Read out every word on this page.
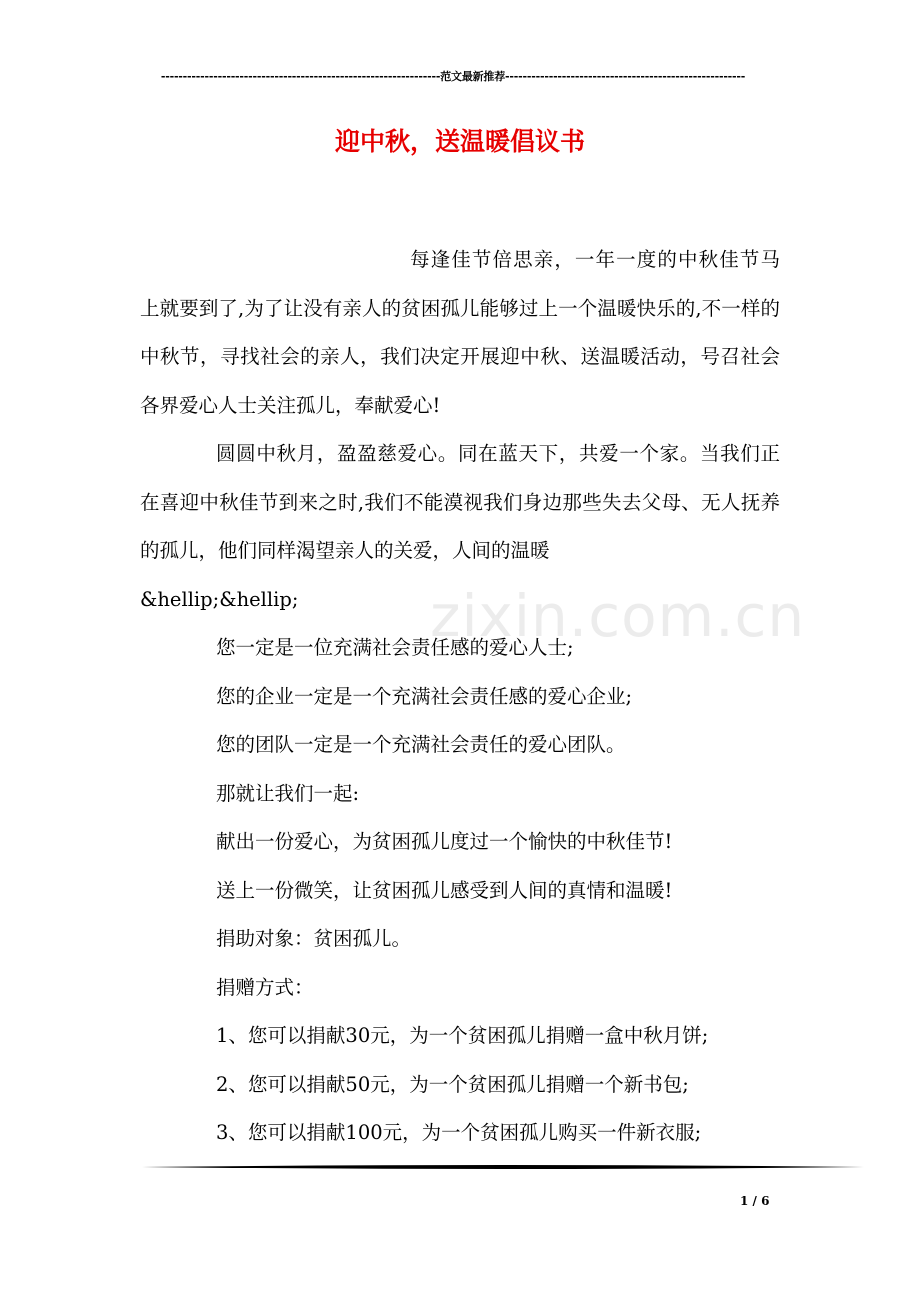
----------------------------------------------------------------范文最新推荐-------------------------------------------------------
迎中秋，送温暖倡议书
zixin.com.cn

每逢佳节倍思亲，一年一度的中秋佳节马上就要到了,为了让没有亲人的贫困孤儿能够过上一个温暖快乐的,不一样的中秋节，寻找社会的亲人，我们决定开展迎中秋、送温暖活动，号召社会各界爱心人士关注孤儿，奉献爱心!

圆圆中秋月，盈盈慈爱心。同在蓝天下，共爱一个家。当我们正在喜迎中秋佳节到来之时,我们不能漠视我们身边那些失去父母、无人抚养的孤儿，他们同样渴望亲人的关爱，人间的温暖

&hellip;&hellip;

您一定是一位充满社会责任感的爱心人士;
您的企业一定是一个充满社会责任感的爱心企业;
您的团队一定是一个充满社会责任的爱心团队。
那就让我们一起:
献出一份爱心，为贫困孤儿度过一个愉快的中秋佳节!
送上一份微笑，让贫困孤儿感受到人间的真情和温暖!
捐助对象：贫困孤儿。
捐赠方式：
1、您可以捐献30元，为一个贫困孤儿捐赠一盒中秋月饼;
2、您可以捐献50元，为一个贫困孤儿捐赠一个新书包;
3、您可以捐献100元，为一个贫困孤儿购买一件新衣服;
1 / 6
